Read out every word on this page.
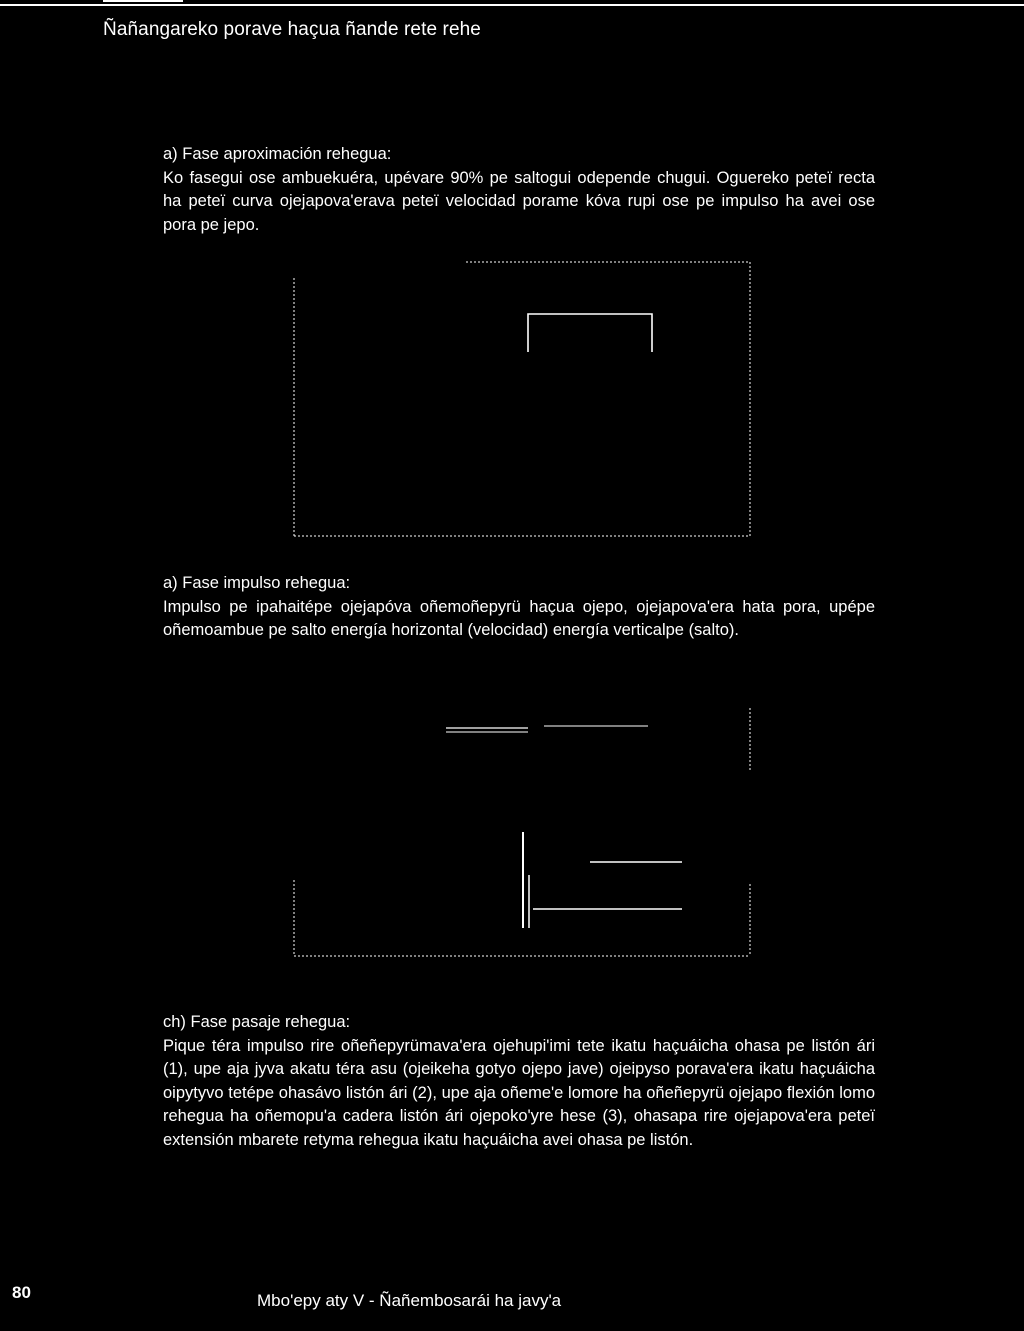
Ñañangareko porave haçua ñande rete rehe
a) Fase aproximación rehegua:
Ko fasegui ose ambuekuéra, upévare 90% pe saltogui odepende chugui. Oguereko peteï recta ha peteï curva ojejapova'erava peteï velocidad porame kóva rupi ose pe impulso ha avei ose pora pe jepo.
a) Fase impulso rehegua:
Impulso pe ipahaitépe ojejapóva oñemoñepyrü haçua ojepo, ojejapova'era hata pora, upépe oñemoambue pe salto energía horizontal (velocidad) energía verticalpe (salto).
ch) Fase pasaje rehegua:
Pique téra impulso rire oñeñepyrümava'era ojehupi'imi tete ikatu haçuáicha ohasa pe listón ári (1), upe aja jyva akatu téra asu (ojeikeha gotyo ojepo jave) ojeipyso porava'era ikatu haçuáicha oipytyvo tetépe ohasávo listón ári (2), upe aja oñeme'e lomore ha oñeñepyrü ojejapo flexión lomo rehegua ha oñemopu'a cadera listón ári ojepoko'yre hese (3), ohasapa rire ojejapova'era peteï extensión mbarete retyma rehegua ikatu haçuáicha avei ohasa pe listón.
80	Mbo'epy aty V - Ñañembosarái ha javy'a
